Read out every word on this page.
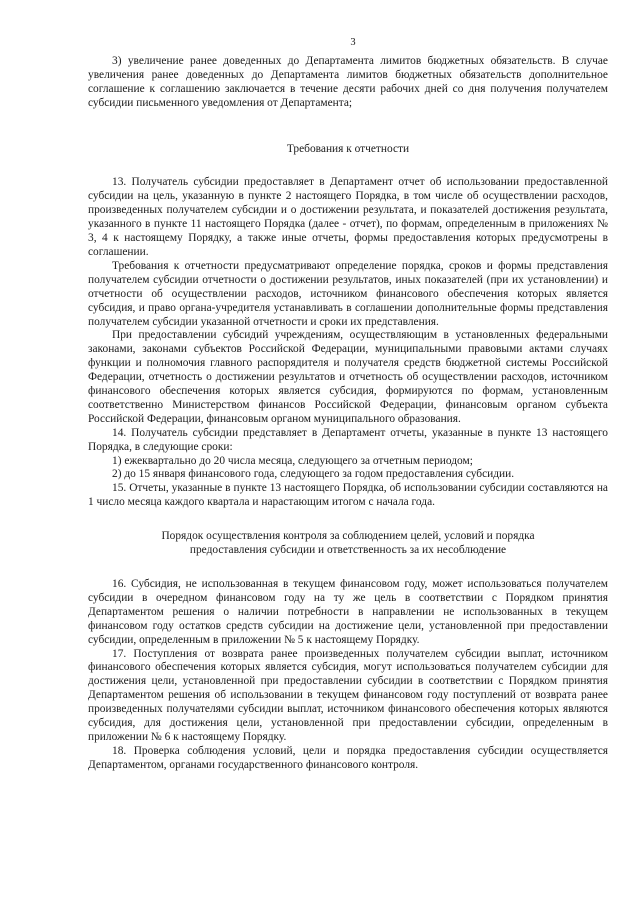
3

3) увеличение ранее доведенных до Департамента лимитов бюджетных обязательств. В случае увеличения ранее доведенных до Департамента лимитов бюджетных обязательств дополнительное соглашение к соглашению заключается в течение десяти рабочих дней со дня получения получателем субсидии письменного уведомления от Департамента;

Требования к отчетности

13. Получатель субсидии предоставляет в Департамент отчет об использовании предоставленной субсидии на цель, указанную в пункте 2 настоящего Порядка, в том числе об осуществлении расходов, произведенных получателем субсидии и о достижении результата, и показателей достижения результата, указанного в пункте 11 настоящего Порядка (далее - отчет), по формам, определенным в приложениях № 3, 4 к настоящему Порядку, а также иные отчеты, формы предоставления которых предусмотрены в соглашении.

Требования к отчетности предусматривают определение порядка, сроков и формы представления получателем субсидии отчетности о достижении результатов, иных показателей (при их установлении) и отчетности об осуществлении расходов, источником финансового обеспечения которых является субсидия, и право органа-учредителя устанавливать в соглашении дополнительные формы представления получателем субсидии указанной отчетности и сроки их представления.

При предоставлении субсидий учреждениям, осуществляющим в установленных федеральными законами, законами субъектов Российской Федерации, муниципальными правовыми актами случаях функции и полномочия главного распорядителя и получателя средств бюджетной системы Российской Федерации, отчетность о достижении результатов и отчетность об осуществлении расходов, источником финансового обеспечения которых является субсидия, формируются по формам, установленным соответственно Министерством финансов Российской Федерации, финансовым органом субъекта Российской Федерации, финансовым органом муниципального образования.

14. Получатель субсидии представляет в Департамент отчеты, указанные в пункте 13 настоящего Порядка, в следующие сроки:

1) ежеквартально до 20 числа месяца, следующего за отчетным периодом;

2) до 15 января финансового года, следующего за годом предоставления субсидии.

15. Отчеты, указанные в пункте 13 настоящего Порядка, об использовании субсидии составляются на 1 число месяца каждого квартала и нарастающим итогом с начала года.

Порядок осуществления контроля за соблюдением целей, условий и порядка
предоставления субсидии и ответственность за их несоблюдение

16. Субсидия, не использованная в текущем финансовом году, может использоваться получателем субсидии в очередном финансовом году на ту же цель в соответствии с Порядком принятия Департаментом решения о наличии потребности в направлении не использованных в текущем финансовом году остатков средств субсидии на достижение цели, установленной при предоставлении субсидии, определенным в приложении № 5 к настоящему Порядку.

17. Поступления от возврата ранее произведенных получателем субсидии выплат, источником финансового обеспечения которых является субсидия, могут использоваться получателем субсидии для достижения цели, установленной при предоставлении субсидии в соответствии с Порядком принятия Департаментом решения об использовании в текущем финансовом году поступлений от возврата ранее произведенных получателями субсидии выплат, источником финансового обеспечения которых являются субсидия, для достижения цели, установленной при предоставлении субсидии, определенным в приложении № 6 к настоящему Порядку.

18. Проверка соблюдения условий, цели и порядка предоставления субсидии осуществляется Департаментом, органами государственного финансового контроля.
